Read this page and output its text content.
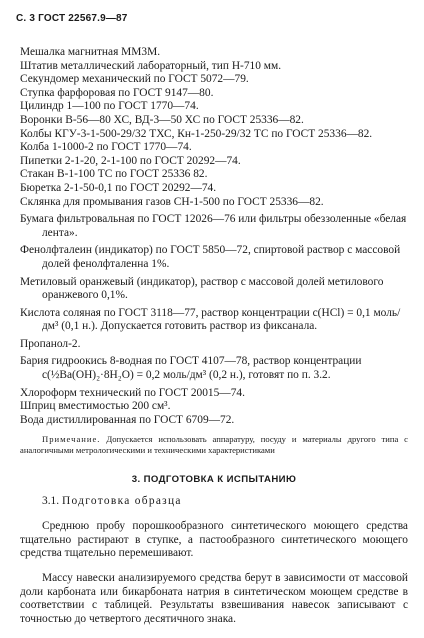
С. 3 ГОСТ 22567.9—87

Мешалка магнитная ММ3М.

Штатив металлический лабораторный, тип Н-710 мм.

Секундомер механический по ГОСТ 5072—79.

Ступка фарфоровая по ГОСТ 9147—80.

Цилиндр 1—100 по ГОСТ 1770—74.

Воронки В-56—80 ХС, ВД-3—50 ХС по ГОСТ 25336—82.

Колбы КГУ-3-1-500-29/32 ТХС, Кн-1-250-29/32 ТС по ГОСТ 25336—82.

Колба 1-1000-2 по ГОСТ 1770—74.

Пипетки 2-1-20, 2-1-100 по ГОСТ 20292—74.

Стакан В-1-100 ТС по ГОСТ 25336 82.

Бюретка 2-1-50-0,1 по ГОСТ 20292—74.

Склянка для промывания газов СН-1-500 по ГОСТ 25336—82.

Бумага фильтровальная по ГОСТ 12026—76 или фильтры обеззоленные «белая лента».

Фенолфталеин (индикатор) по ГОСТ 5850—72, спиртовой раствор с массовой долей фенолфталенна 1%.

Метиловый оранжевый (индикатор), раствор с массовой долей метилового оранжевого 0,1%.

Кислота соляная по ГОСТ 3118—77, раствор концентрации с(HCl) = 0,1 моль/дм³ (0,1 н.). Допускается готовить раствор из фиксанала.

Пропанол-2.

Бария гидроокись 8-водная по ГОСТ 4107—78, раствор концентрации с(½Ba(OH)₂·8H₂O) = 0,2 моль/дм³ (0,2 н.), готовят по п. 3.2.

Хлороформ технический по ГОСТ 20015—74.

Шприц вместимостью 200 см³.

Вода дистиллированная по ГОСТ 6709—72.

Примечание. Допускается использовать аппаратуру, посуду и материалы другого типа с аналогичными метрологическими и техническими характеристиками

3. ПОДГОТОВКА К ИСПЫТАНИЮ

3.1. Подготовка образца

Среднюю пробу порошкообразного синтетического моющего средства тщательно растирают в ступке, а пастообразного синтетического моющего средства тщательно перемешивают.

Массу навески анализируемого средства берут в зависимости от массовой доли карбоната или бикарбоната натрия в синтетическом моющем средстве в соответствии с таблицей. Результаты взвешивания навесок записывают с точностью до четвертого десятичного знака.
